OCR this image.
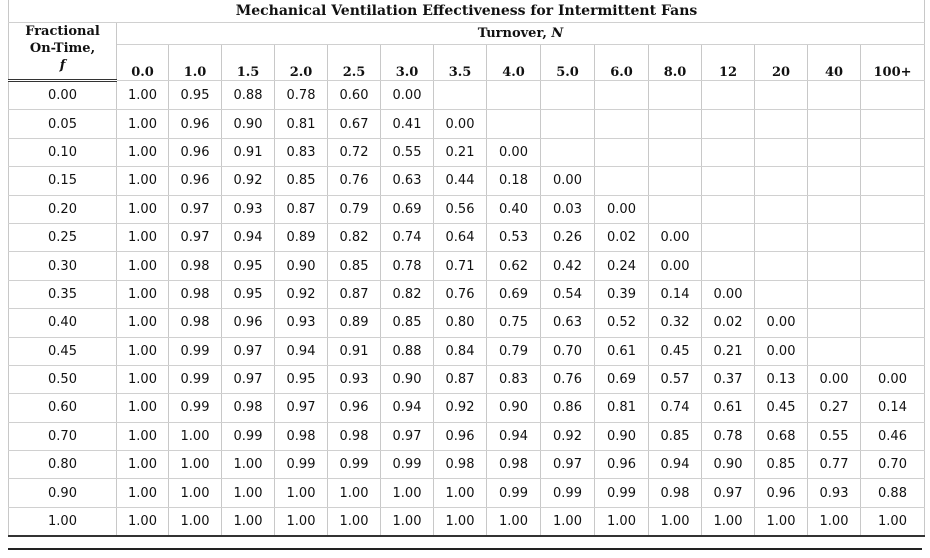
Mechanical Ventilation Effectiveness for Intermittent Fans															
Fractional
On-Time,
f	Turnover, N														
	0.0	1.0	1.5	2.0	2.5	3.0	3.5	4.0	5.0	6.0	8.0	12	20	40	100+
0.00	1.00	0.95	0.88	0.78	0.60	0.00									
0.05	1.00	0.96	0.90	0.81	0.67	0.41	0.00								
0.10	1.00	0.96	0.91	0.83	0.72	0.55	0.21	0.00							
0.15	1.00	0.96	0.92	0.85	0.76	0.63	0.44	0.18	0.00						
0.20	1.00	0.97	0.93	0.87	0.79	0.69	0.56	0.40	0.03	0.00					
0.25	1.00	0.97	0.94	0.89	0.82	0.74	0.64	0.53	0.26	0.02	0.00				
0.30	1.00	0.98	0.95	0.90	0.85	0.78	0.71	0.62	0.42	0.24	0.00				
0.35	1.00	0.98	0.95	0.92	0.87	0.82	0.76	0.69	0.54	0.39	0.14	0.00			
0.40	1.00	0.98	0.96	0.93	0.89	0.85	0.80	0.75	0.63	0.52	0.32	0.02	0.00		
0.45	1.00	0.99	0.97	0.94	0.91	0.88	0.84	0.79	0.70	0.61	0.45	0.21	0.00		
0.50	1.00	0.99	0.97	0.95	0.93	0.90	0.87	0.83	0.76	0.69	0.57	0.37	0.13	0.00	0.00
0.60	1.00	0.99	0.98	0.97	0.96	0.94	0.92	0.90	0.86	0.81	0.74	0.61	0.45	0.27	0.14
0.70	1.00	1.00	0.99	0.98	0.98	0.97	0.96	0.94	0.92	0.90	0.85	0.78	0.68	0.55	0.46
0.80	1.00	1.00	1.00	0.99	0.99	0.99	0.98	0.98	0.97	0.96	0.94	0.90	0.85	0.77	0.70
0.90	1.00	1.00	1.00	1.00	1.00	1.00	1.00	0.99	0.99	0.99	0.98	0.97	0.96	0.93	0.88
1.00	1.00	1.00	1.00	1.00	1.00	1.00	1.00	1.00	1.00	1.00	1.00	1.00	1.00	1.00	1.00
